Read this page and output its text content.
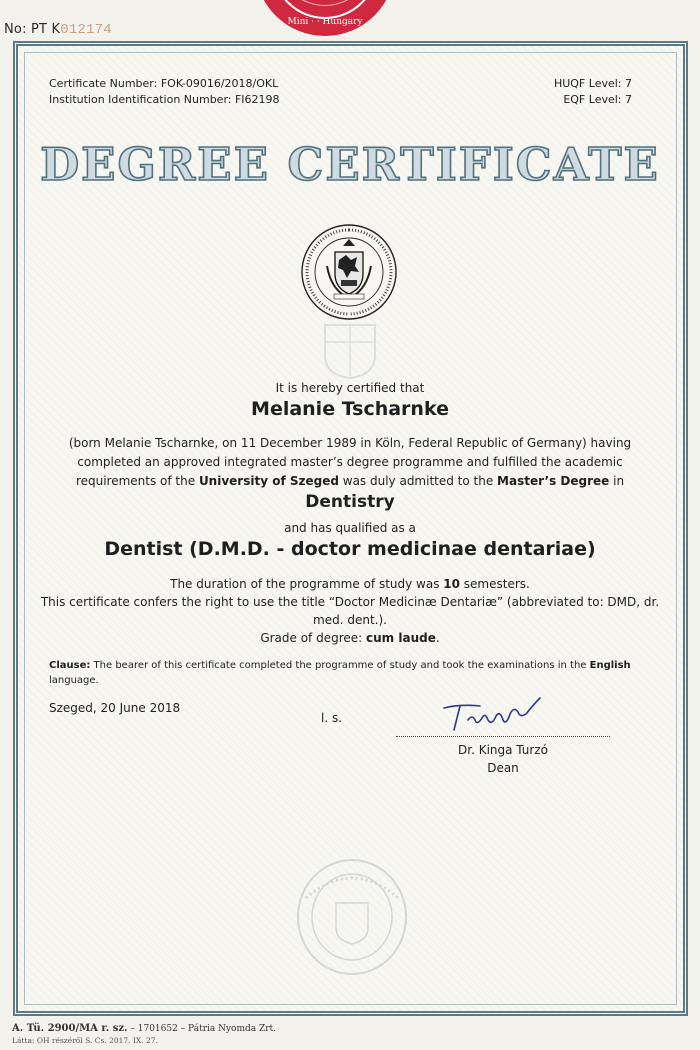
No: PT K012174	Mini · · Hungary
Certificate Number: FOK-09016/2018/OKL
Institution Identification Number: FI62198
HUQF Level: 7
EQF Level: 7
DEGREE CERTIFICATE
It is hereby certified that
Melanie Tscharnke
(born Melanie Tscharnke, on 11 December 1989 in Köln, Federal Republic of Germany) having completed an approved integrated master’s degree programme and fulfilled the academic requirements of the University of Szeged was duly admitted to the Master’s Degree in
Dentistry
and has qualified as a
Dentist (D.M.D. - doctor medicinae dentariae)
The duration of the programme of study was 10 semesters.
This certificate confers the right to use the title “Doctor Medicinæ Dentariæ” (abbreviated to: DMD, dr. med. dent.).
Grade of degree: cum laude.
Clause: The bearer of this certificate completed the programme of study and took the examinations in the English language.
Szeged, 20 June 2018
l. s.
Dr. Kinga Turzó
Dean
A. Tü. 2900/MA r. sz. – 1701652 – Pátria Nyomda Zrt.
Látta: OH részéről S. Cs. 2017. IX. 27.
